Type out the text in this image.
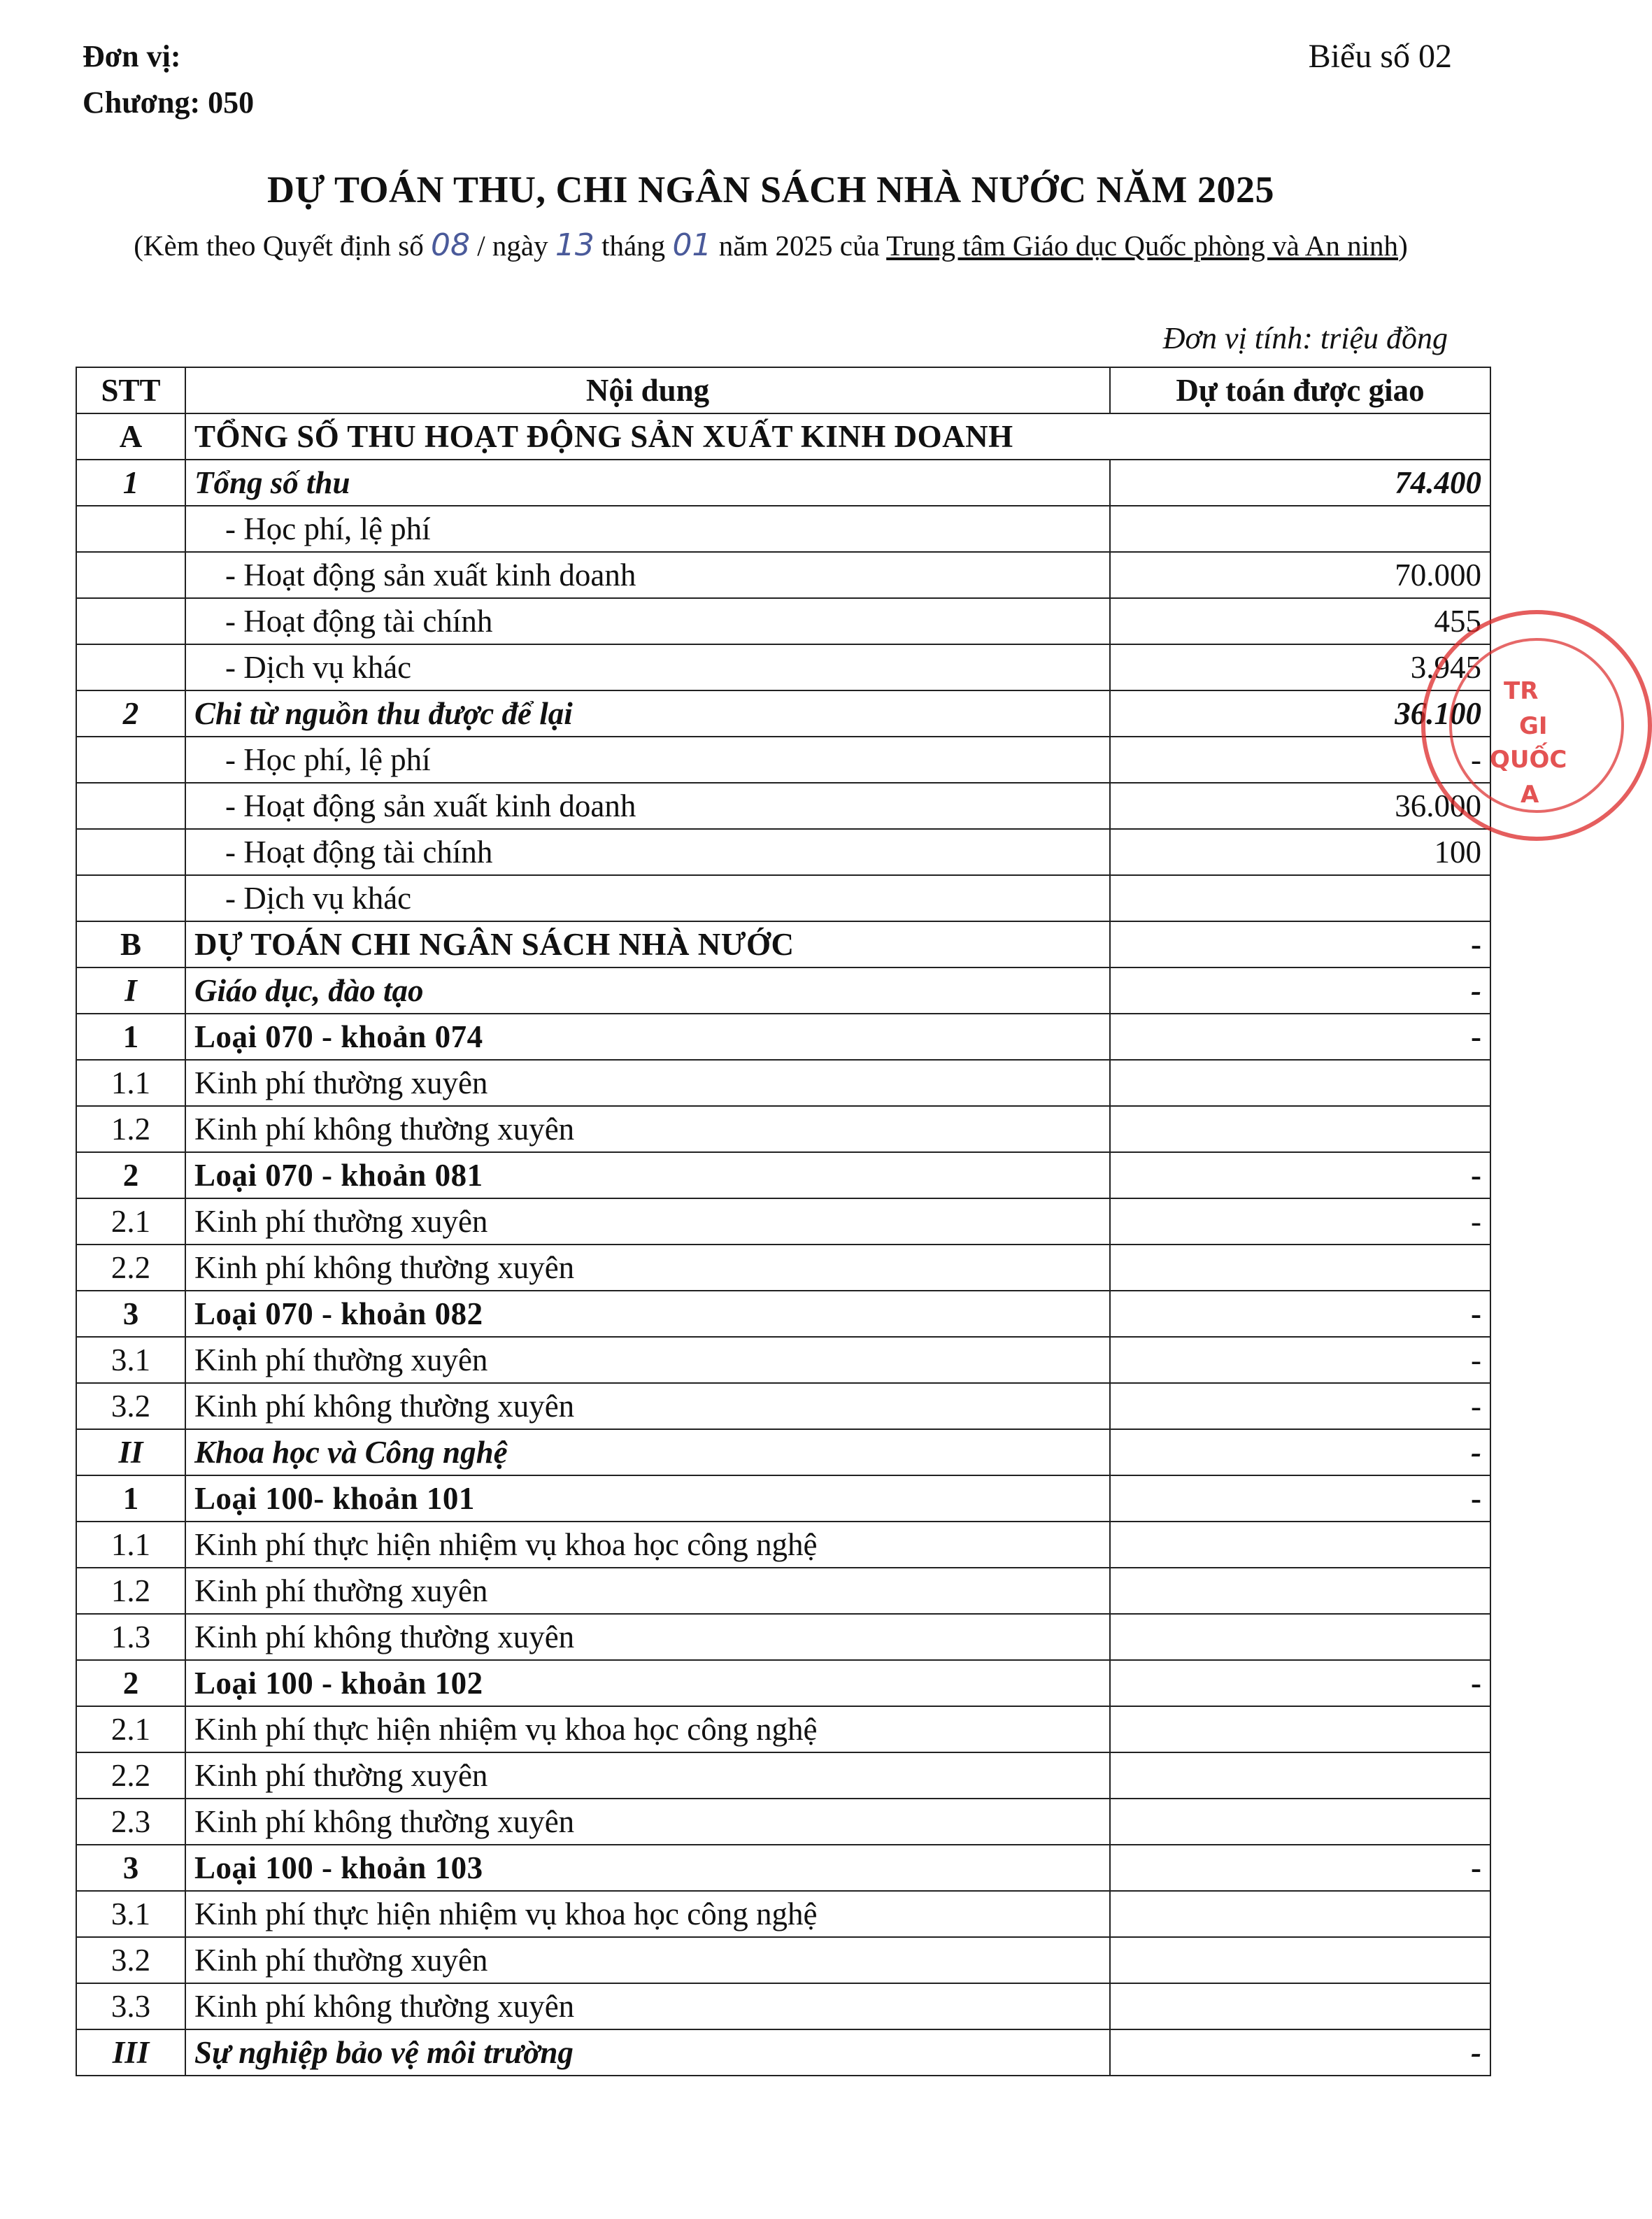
Đơn vị:
Chương: 050
Biểu số 02
DỰ TOÁN THU, CHI NGÂN SÁCH NHÀ NƯỚC NĂM 2025
(Kèm theo Quyết định số 08 / ngày 13 tháng 01 năm 2025 của Trung tâm Giáo dục Quốc phòng và An ninh)
Đơn vị tính: triệu đồng
STT	Nội dung	Dự toán được giao
A	TỔNG SỐ THU HOẠT ĐỘNG SẢN XUẤT KINH DOANH	
1	Tổng số thu	74.400
	- Học phí, lệ phí	
	- Hoạt động sản xuất kinh doanh	70.000
	- Hoạt động tài chính	455
	- Dịch vụ khác	3.945
2	Chi từ nguồn thu được để lại	36.100
	- Học phí, lệ phí	-
	- Hoạt động sản xuất kinh doanh	36.000
	- Hoạt động tài chính	100
	- Dịch vụ khác	
B	DỰ TOÁN CHI NGÂN SÁCH NHÀ NƯỚC	-
I	Giáo dục, đào tạo	-
1	Loại 070 - khoản 074	-
1.1	Kinh phí thường xuyên	
1.2	Kinh phí không thường xuyên	
2	Loại 070 - khoản 081	-
2.1	Kinh phí thường xuyên	-
2.2	Kinh phí không thường xuyên	
3	Loại 070 - khoản 082	-
3.1	Kinh phí thường xuyên	-
3.2	Kinh phí không thường xuyên	-
II	Khoa học và Công nghệ	-
1	Loại 100- khoản 101	-
1.1	Kinh phí thực hiện nhiệm vụ khoa học công nghệ	
1.2	Kinh phí thường xuyên	
1.3	Kinh phí không thường xuyên	
2	Loại 100 - khoản 102	-
2.1	Kinh phí thực hiện nhiệm vụ khoa học công nghệ	
2.2	Kinh phí thường xuyên	
2.3	Kinh phí không thường xuyên	
3	Loại 100 - khoản 103	-
3.1	Kinh phí thực hiện nhiệm vụ khoa học công nghệ	
3.2	Kinh phí thường xuyên	
3.3	Kinh phí không thường xuyên	
III	Sự nghiệp bảo vệ môi trường	-
TR
GI
QUỐC
A
